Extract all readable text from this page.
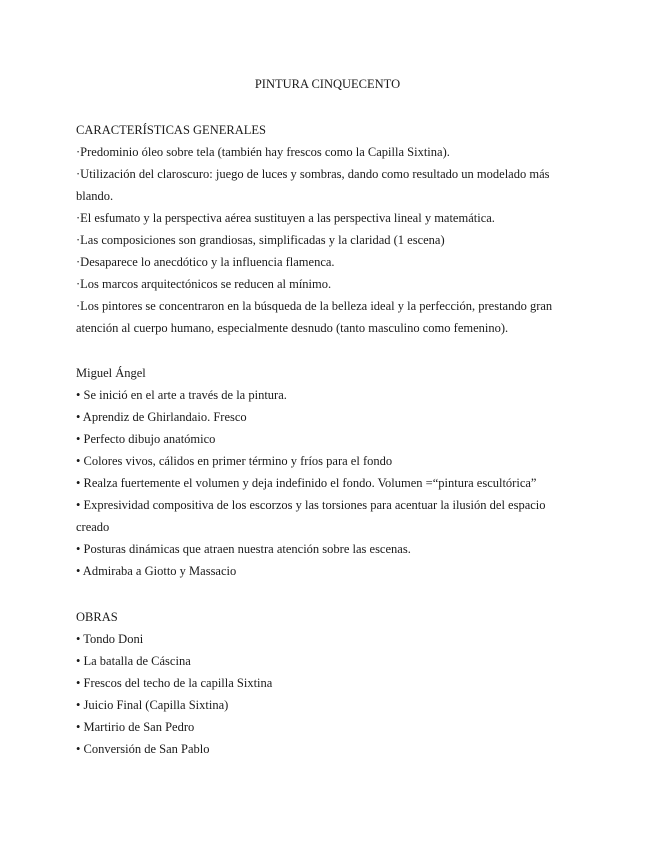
PINTURA CINQUECENTO
CARACTERÍSTICAS GENERALES
·Predominio óleo sobre tela (también hay frescos como la Capilla Sixtina).
·Utilización del claroscuro: juego de luces y sombras, dando como resultado un modelado más
blando.
·El esfumato y la perspectiva aérea sustituyen a las perspectiva lineal y matemática.
·Las composiciones son grandiosas, simplificadas y la claridad (1 escena)
·Desaparece lo anecdótico y la influencia flamenca.
·Los marcos arquitectónicos se reducen al mínimo.
·Los pintores se concentraron en la búsqueda de la belleza ideal y la perfección, prestando gran
atención al cuerpo humano, especialmente desnudo (tanto masculino como femenino).
Miguel Ángel
• Se inició en el arte a través de la pintura.
• Aprendiz de Ghirlandaio. Fresco
• Perfecto dibujo anatómico
• Colores vivos, cálidos en primer término y fríos para el fondo
• Realza fuertemente el volumen y deja indefinido el fondo. Volumen =“pintura escultórica”
• Expresividad compositiva de los escorzos y las torsiones para acentuar la ilusión del espacio
creado
• Posturas dinámicas que atraen nuestra atención sobre las escenas.
• Admiraba a Giotto y Massacio
OBRAS
• Tondo Doni
• La batalla de Cáscina
• Frescos del techo de la capilla Sixtina
• Juicio Final (Capilla Sixtina)
• Martirio de San Pedro
• Conversión de San Pablo
